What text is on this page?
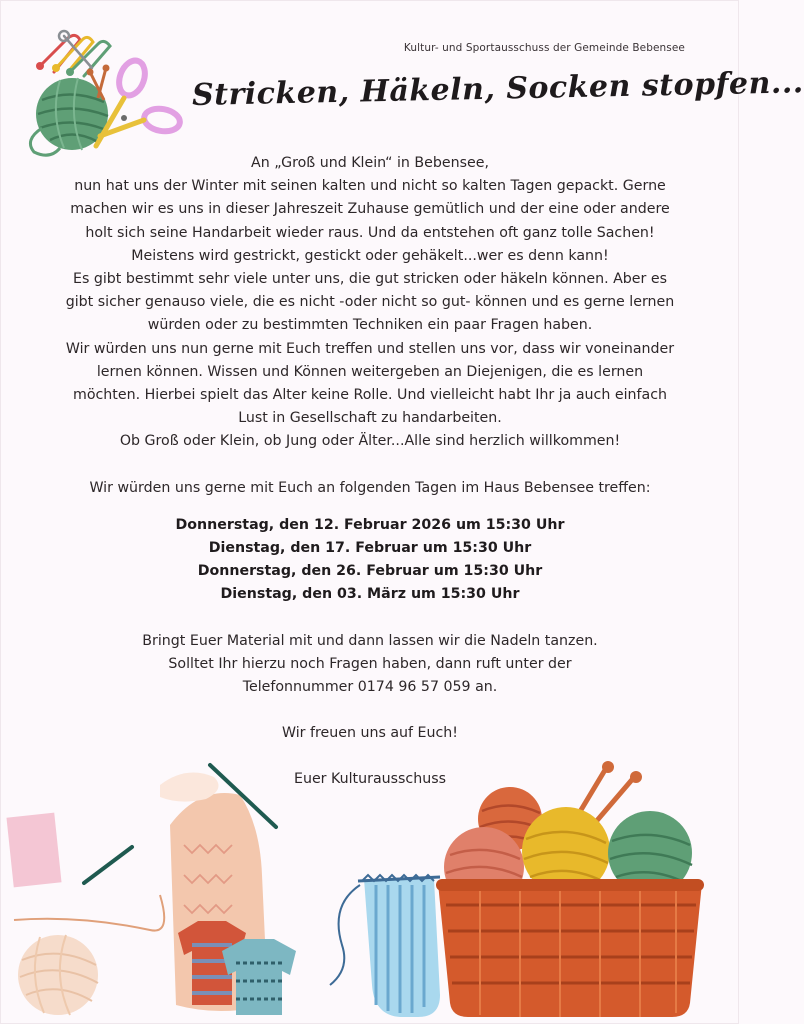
Kultur- und Sportausschuss der Gemeinde Bebensee
Stricken, Häkeln, Socken stopfen...

An „Groß und Klein“ in Bebensee,

nun hat uns der Winter mit seinen kalten und nicht so kalten Tagen gepackt. Gerne

machen wir es uns in dieser Jahreszeit Zuhause gemütlich und der eine oder andere

holt sich seine Handarbeit wieder raus. Und da entstehen oft ganz tolle Sachen!

Meistens wird gestrickt, gestickt oder gehäkelt...wer es denn kann!

Es gibt bestimmt sehr viele unter uns, die gut stricken oder häkeln können. Aber es

gibt sicher genauso viele, die es nicht -oder nicht so gut- können und es gerne lernen

würden oder zu bestimmten Techniken ein paar Fragen haben.

Wir würden uns nun gerne mit Euch treffen und stellen uns vor, dass wir voneinander

lernen können. Wissen und Können weitergeben an Diejenigen, die es lernen

möchten. Hierbei spielt das Alter keine Rolle. Und vielleicht habt Ihr ja auch einfach

Lust in Gesellschaft zu handarbeiten.

Ob Groß oder Klein, ob Jung oder Älter...Alle sind herzlich willkommen!

Wir würden uns gerne mit Euch an folgenden Tagen im Haus Bebensee treffen:

Donnerstag, den 12. Februar 2026 um 15:30 Uhr

Dienstag, den 17. Februar um 15:30 Uhr

Donnerstag, den 26. Februar um 15:30 Uhr

Dienstag, den 03. März um 15:30 Uhr

Bringt Euer Material mit und dann lassen wir die Nadeln tanzen.

Solltet Ihr hierzu noch Fragen haben, dann ruft unter der

Telefonnummer 0174 96 57 059 an.

Wir freuen uns auf Euch!

Euer Kulturausschuss
